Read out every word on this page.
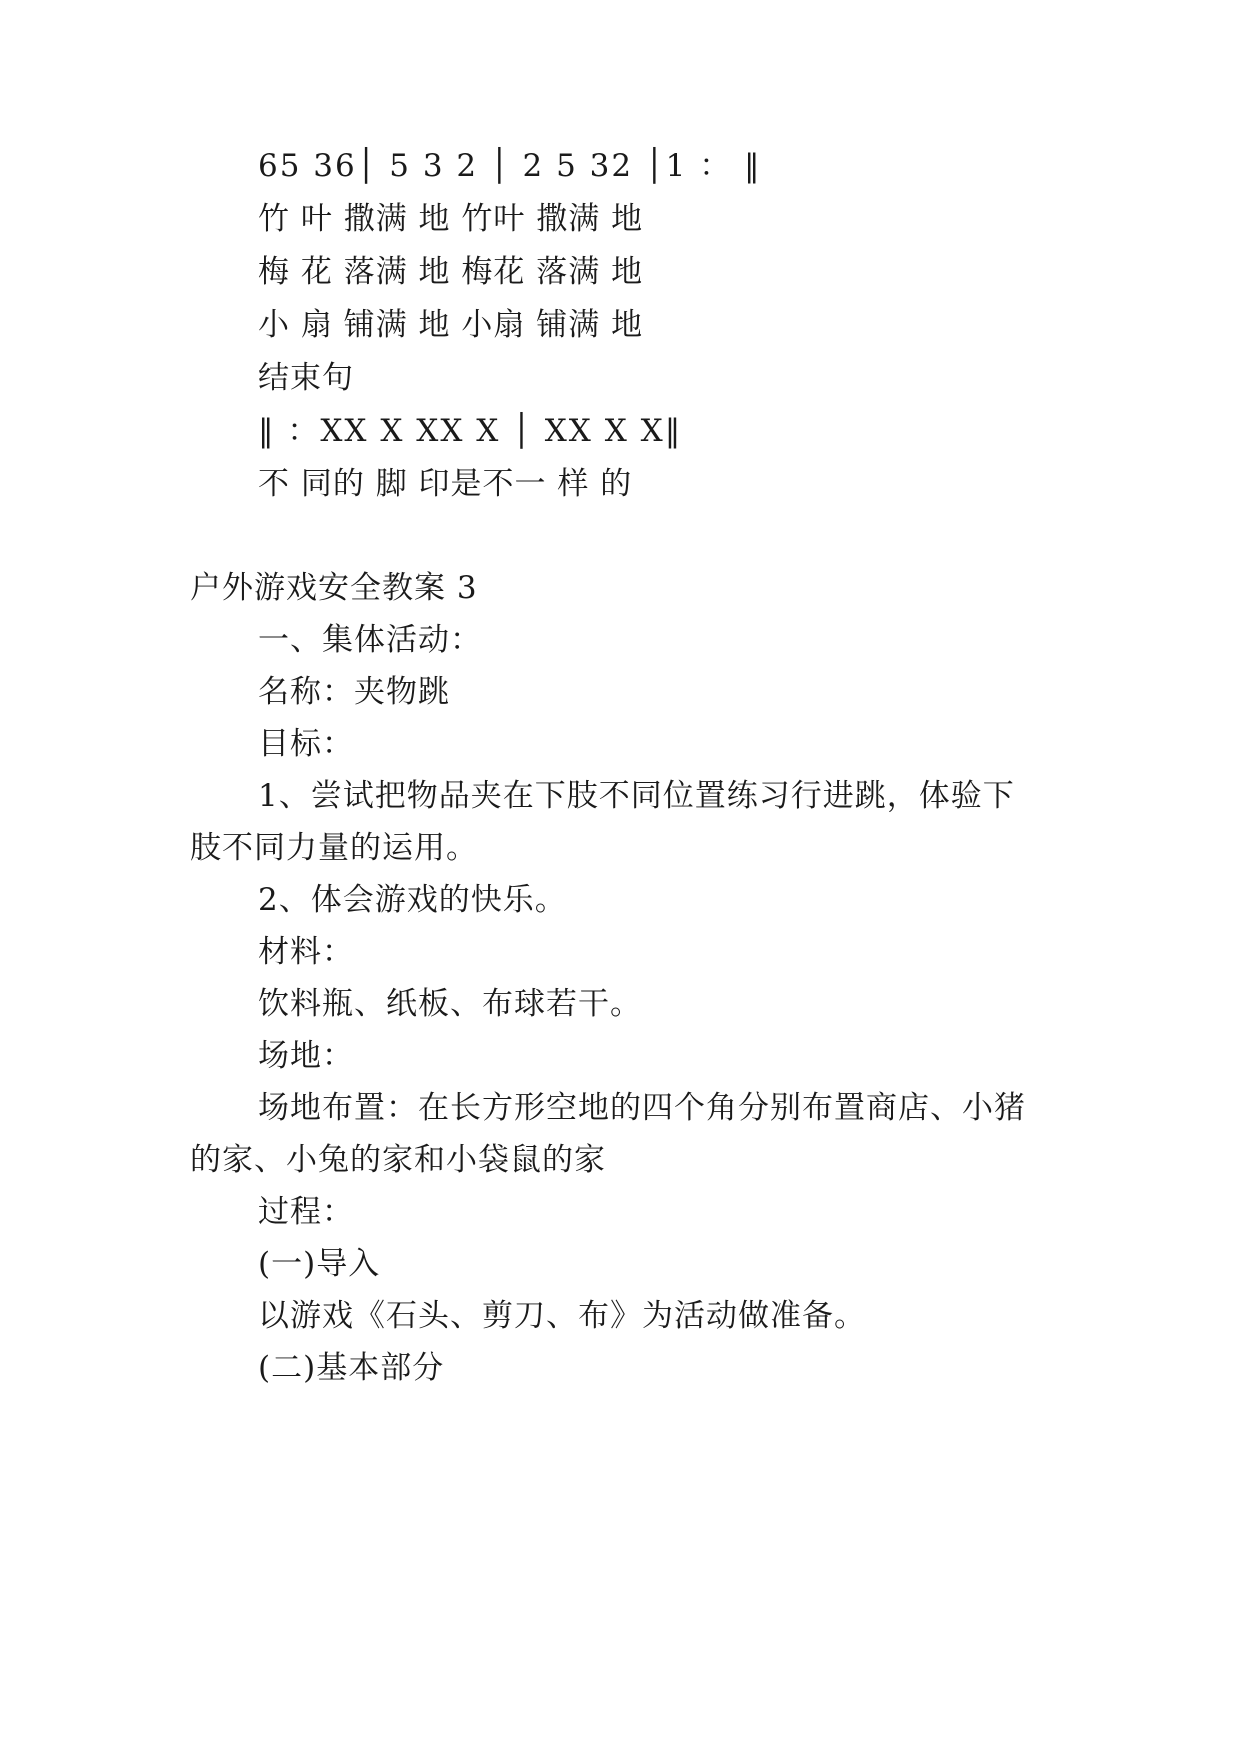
65 36│ 5 3 2 │ 2 5 32 │1 ： ‖
竹 叶 撒满 地 竹叶 撒满 地
梅 花 落满 地 梅花 落满 地
小 扇 铺满 地 小扇 铺满 地
结束句
‖ ：XX X XX X │ XX X X‖
不 同的 脚 印是不一 样 的
户外游戏安全教案 3
一、集体活动：
名称：夹物跳
目标：
1、尝试把物品夹在下肢不同位置练习行进跳，体验下
肢不同力量的运用。
2、体会游戏的快乐。
材料：
饮料瓶、纸板、布球若干。
场地：
场地布置：在长方形空地的四个角分别布置商店、小猪
的家、小兔的家和小袋鼠的家
过程：
(一)导入
以游戏《石头、剪刀、布》为活动做准备。
(二)基本部分
